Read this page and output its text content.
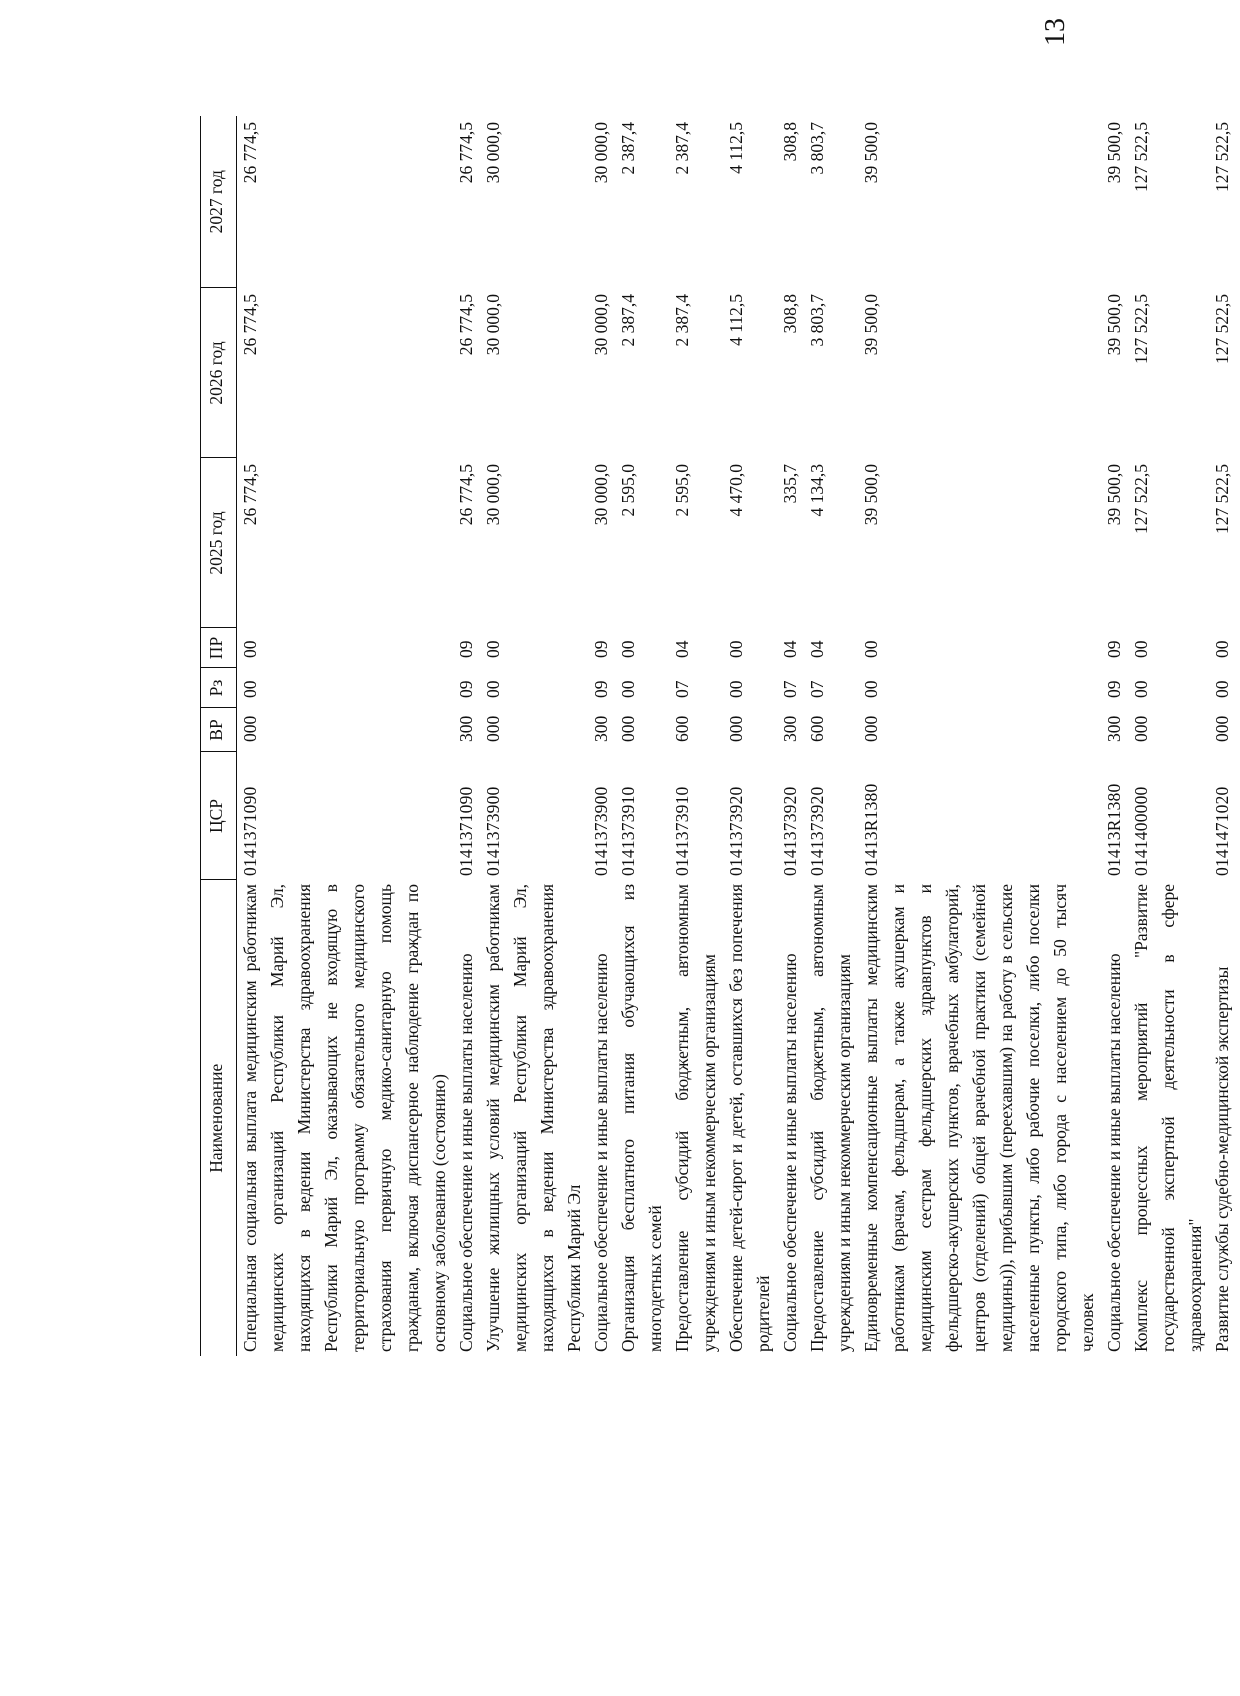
13
Наименование	ЦСР	ВР	Рз	ПР	2025 год	2026 год	2027 год
Специальная социальная выплата медицинским работникам медицинских организаций Республики Марий Эл, находящихся в ведении Министерства здравоохранения Республики Марий Эл, оказывающих не входящую в территориальную программу обязательного медицинского страхования первичную медико-санитарную помощь гражданам, включая диспансерное наблюдение граждан по основному заболеванию (состоянию)	0141371090	000	00	00	26 774,5	26 774,5	26 774,5
Социальное обеспечение и иные выплаты населению	0141371090	300	09	09	26 774,5	26 774,5	26 774,5
Улучшение жилищных условий медицинским работникам медицинских организаций Республики Марий Эл, находящихся в ведении Министерства здравоохранения Республики Марий Эл	0141373900	000	00	00	30 000,0	30 000,0	30 000,0
Социальное обеспечение и иные выплаты населению	0141373900	300	09	09	30 000,0	30 000,0	30 000,0
Организация бесплатного питания обучающихся из многодетных семей	0141373910	000	00	00	2 595,0	2 387,4	2 387,4
Предоставление субсидий бюджетным, автономным учреждениям и иным некоммерческим организациям	0141373910	600	07	04	2 595,0	2 387,4	2 387,4
Обеспечение детей-сирот и детей, оставшихся без попечения родителей	0141373920	000	00	00	4 470,0	4 112,5	4 112,5
Социальное обеспечение и иные выплаты населению	0141373920	300	07	04	335,7	308,8	308,8
Предоставление субсидий бюджетным, автономным учреждениям и иным некоммерческим организациям	0141373920	600	07	04	4 134,3	3 803,7	3 803,7
Единовременные компенсационные выплаты медицинским работникам (врачам, фельдшерам, а также акушеркам и медицинским сестрам фельдшерских здравпунктов и фельдшерско-акушерских пунктов, врачебных амбулаторий, центров (отделений) общей врачебной практики (семейной медицины)), прибывшим (переехавшим) на работу в сельские населенные пункты, либо рабочие поселки, либо поселки городского типа, либо города с населением до 50 тысяч человек	01413R1380	000	00	00	39 500,0	39 500,0	39 500,0
Социальное обеспечение и иные выплаты населению	01413R1380	300	09	09	39 500,0	39 500,0	39 500,0
Комплекс процессных мероприятий "Развитие государственной экспертной деятельности в сфере здравоохранения"	0141400000	000	00	00	127 522,5	127 522,5	127 522,5
Развитие службы судебно-медицинской экспертизы	0141471020	000	00	00	127 522,5	127 522,5	127 522,5
